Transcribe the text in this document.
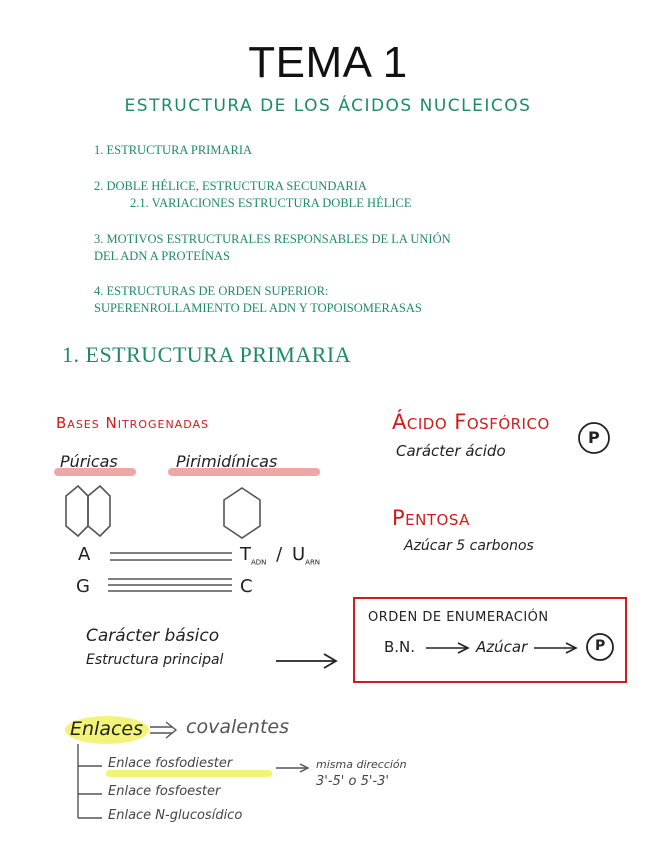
TEMA 1
ESTRUCTURA DE LOS ÁCIDOS NUCLEICOS
1. ESTRUCTURA PRIMARIA
2. DOBLE HÉLICE, ESTRUCTURA SECUNDARIA
2.1. VARIACIONES ESTRUCTURA DOBLE HÉLICE
3. MOTIVOS ESTRUCTURALES RESPONSABLES DE LA UNIÓN
DEL ADN A PROTEÍNAS
4. ESTRUCTURAS DE ORDEN SUPERIOR:
SUPERENROLLAMIENTO DEL ADN Y TOPOISOMERASAS
1. ESTRUCTURA PRIMARIA
Bases Nitrogenadas
Púricas	Pirimidínicas
A	$T_{ADN} / U_{ARN}$
G	C
Ácido Fosfórico
Carácter ácido
P
Pentosa
Azúcar 5 carbonos
Carácter básico
Estructura principal
ORDEN DE ENUMERACIÓN
B.N.	Azúcar	P
Enlaces covalentes
Enlace fosfodiester
Enlace fosfoester
Enlace N-glucosídico
misma dirección
3'-5' o 5'-3'
